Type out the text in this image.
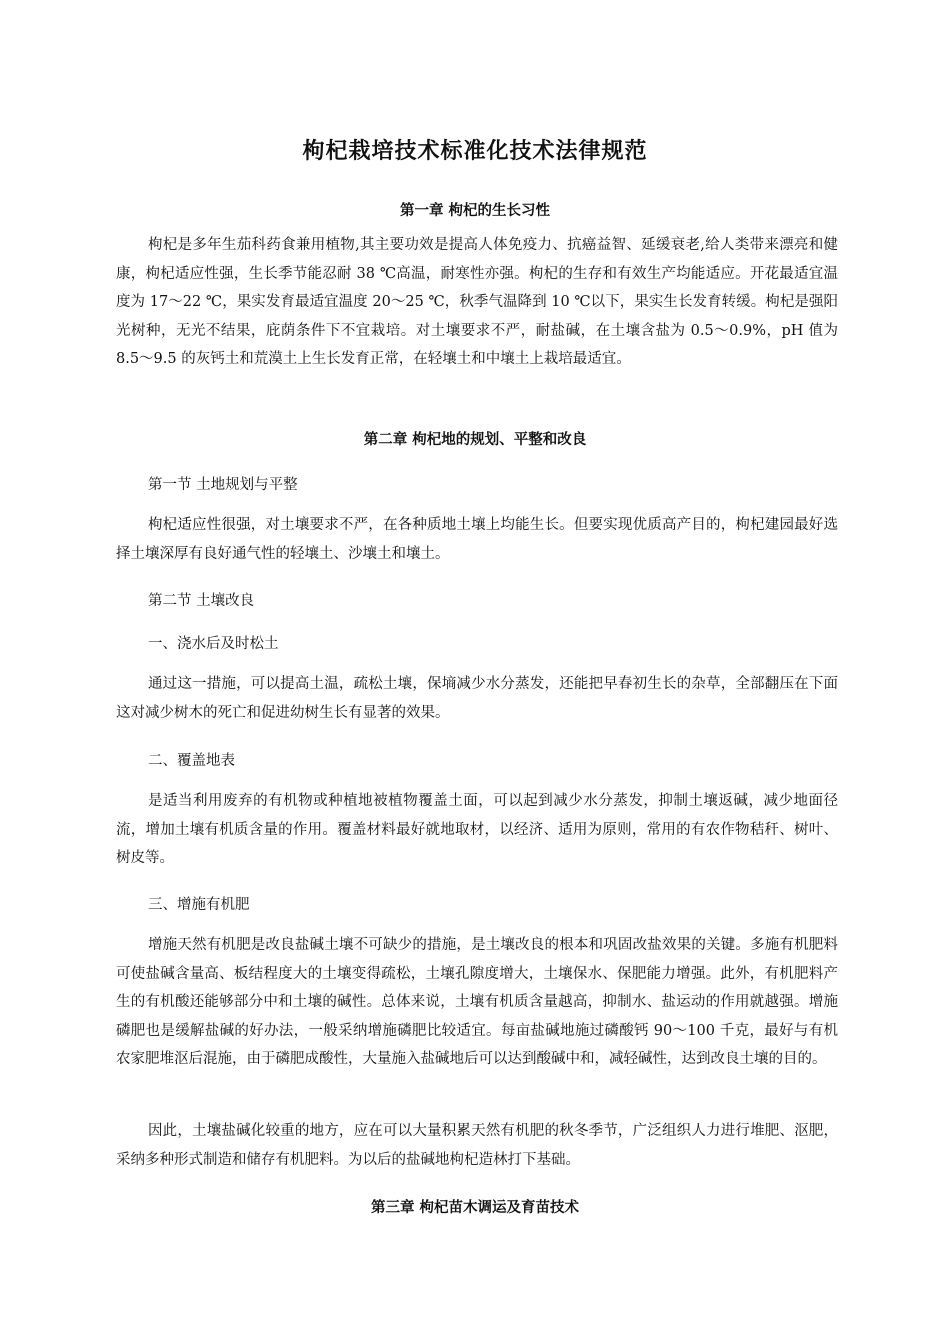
枸杞栽培技术标准化技术法律规范
第一章 枸杞的生长习性

枸杞是多年生茄科药食兼用植物,其主要功效是提高人体免疫力、抗癌益智、延缓衰老,给人类带来漂亮和健康，枸杞适应性强，生长季节能忍耐 38 ℃高温，耐寒性亦强。枸杞的生存和有效生产均能适应。开花最适宜温度为 17～22 ℃，果实发育最适宜温度 20～25 ℃，秋季气温降到 10 ℃以下，果实生长发育转缓。枸杞是强阳光树种，无光不结果，庇荫条件下不宜栽培。对土壤要求不严，耐盐碱，在土壤含盐为 0.5～0.9%，pH 值为 8.5～9.5 的灰钙土和荒漠土上生长发育正常，在轻壤土和中壤土上栽培最适宜。

第二章 枸杞地的规划、平整和改良
第一节 土地规划与平整

枸杞适应性很强，对土壤要求不严，在各种质地土壤上均能生长。但要实现优质高产目的，枸杞建园最好选择土壤深厚有良好通气性的轻壤土、沙壤土和壤土。

第二节 土壤改良
一、浇水后及时松土

通过这一措施，可以提高土温，疏松土壤，保墒减少水分蒸发，还能把早春初生长的杂草，全部翻压在下面这对减少树木的死亡和促进幼树生长有显著的效果。

二、覆盖地表

是适当利用废弃的有机物或种植地被植物覆盖土面，可以起到减少水分蒸发，抑制土壤返碱，减少地面径流，增加土壤有机质含量的作用。覆盖材料最好就地取材，以经济、适用为原则，常用的有农作物秸秆、树叶、树皮等。

三、增施有机肥

增施天然有机肥是改良盐碱土壤不可缺少的措施，是土壤改良的根本和巩固改盐效果的关键。多施有机肥料可使盐碱含量高、板结程度大的土壤变得疏松，土壤孔隙度增大，土壤保水、保肥能力增强。此外，有机肥料产生的有机酸还能够部分中和土壤的碱性。总体来说，土壤有机质含量越高，抑制水、盐运动的作用就越强。增施磷肥也是缓解盐碱的好办法，一般采纳增施磷肥比较适宜。每亩盐碱地施过磷酸钙 90～100 千克，最好与有机农家肥堆沤后混施，由于磷肥成酸性，大量施入盐碱地后可以达到酸碱中和，减轻碱性，达到改良土壤的目的。

因此，土壤盐碱化较重的地方，应在可以大量积累天然有机肥的秋冬季节，广泛组织人力进行堆肥、沤肥，采纳多种形式制造和储存有机肥料。为以后的盐碱地枸杞造林打下基础。

第三章 枸杞苗木调运及育苗技术
